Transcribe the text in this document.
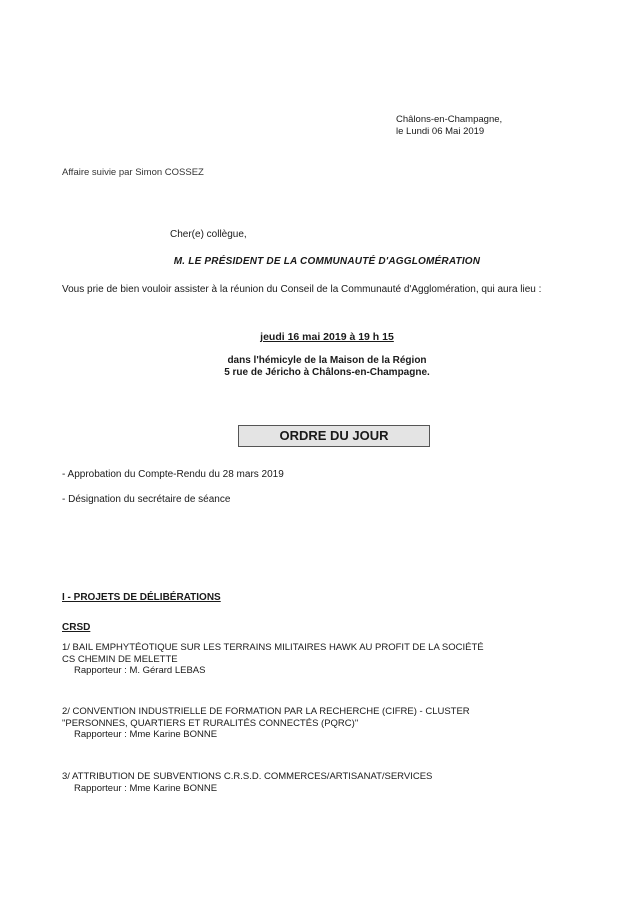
Châlons-en-Champagne,
le Lundi 06 Mai 2019
Affaire suivie par Simon COSSEZ
Cher(e) collègue,
M. LE PRÉSIDENT DE LA COMMUNAUTÉ D'AGGLOMÉRATION
Vous prie de bien vouloir assister à la réunion du Conseil de la Communauté d'Agglomération, qui aura lieu :
jeudi 16 mai 2019 à 19 h 15
dans l'hémicyle de la Maison de la Région
5 rue de Jéricho à Châlons-en-Champagne.
ORDRE DU JOUR
- Approbation du Compte-Rendu du 28 mars 2019
- Désignation du secrétaire de séance
I - PROJETS DE DÉLIBÉRATIONS
CRSD
1/ BAIL EMPHYTÉOTIQUE SUR LES TERRAINS MILITAIRES HAWK AU PROFIT DE LA SOCIÉTÉ
CS CHEMIN DE MELETTE
Rapporteur : M. Gérard LEBAS
2/ CONVENTION INDUSTRIELLE DE FORMATION PAR LA RECHERCHE (CIFRE) - CLUSTER
"PERSONNES, QUARTIERS ET RURALITÉS CONNECTÉS (PQRC)"
Rapporteur : Mme Karine BONNE
3/ ATTRIBUTION DE SUBVENTIONS C.R.S.D. COMMERCES/ARTISANAT/SERVICES
Rapporteur : Mme Karine BONNE
